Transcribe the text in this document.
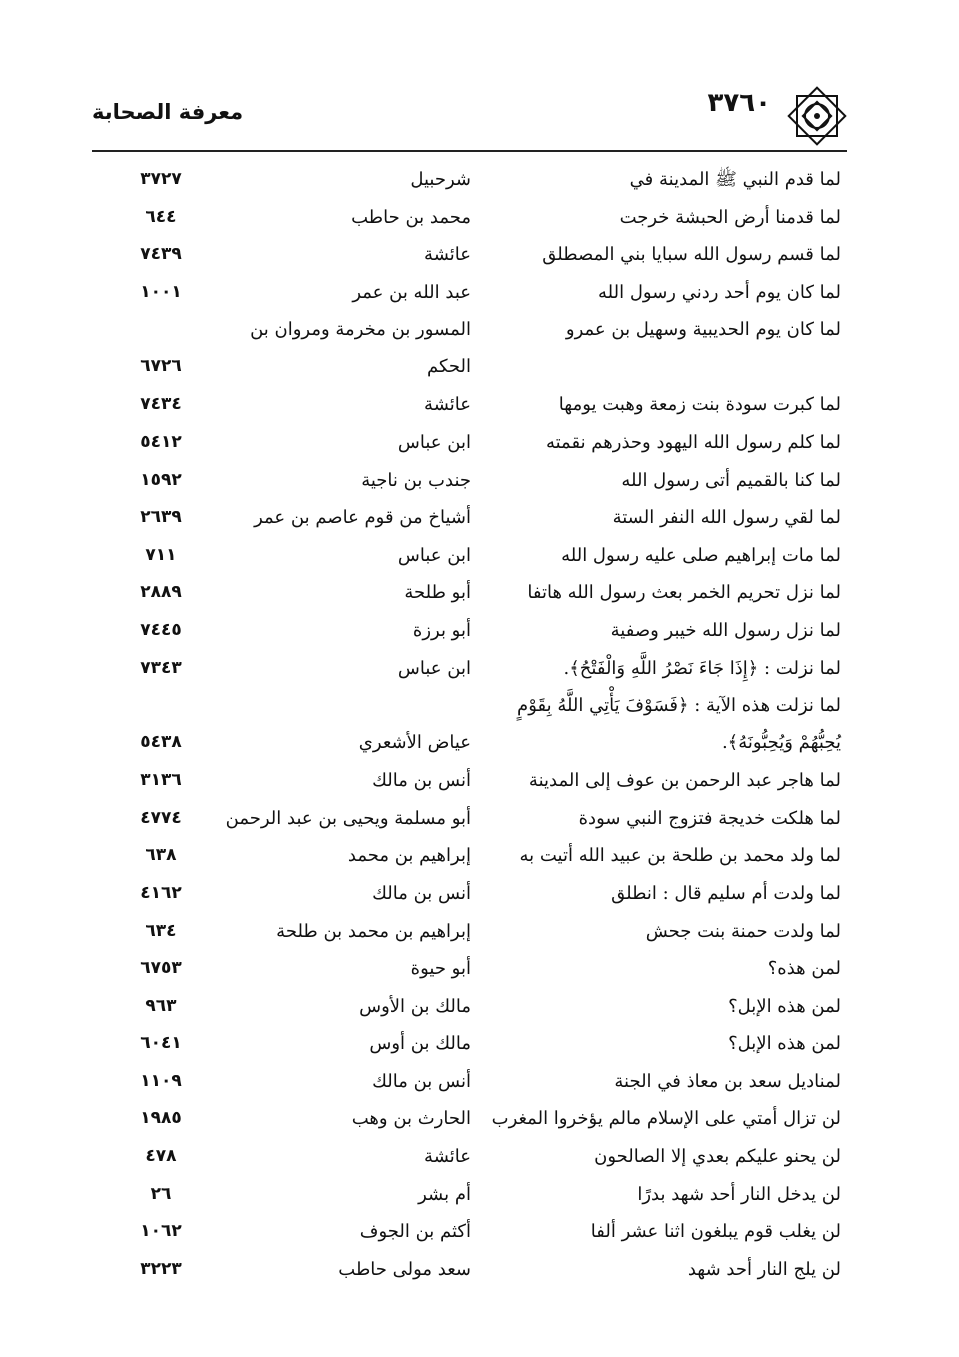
٣٧٦٠
معرفة الصحابة
لما قدم النبي ﷺ المدينة في
شرحبيل
٣٧٢٧
لما قدمنا أرض الحبشة خرجت
محمد بن حاطب
٦٤٤
لما قسم رسول الله سبايا بني المصطلق
عائشة
٧٤٣٩
لما كان يوم أحد ردني رسول الله
عبد الله بن عمر
١٠٠١
لما كان يوم الحديبية وسهيل بن عمرو
المسور بن مخرمة ومروان بن الحكم
٦٧٢٦
لما كبرت سودة بنت زمعة وهبت يومها
عائشة
٧٤٣٤
لما كلم رسول الله اليهود وحذرهم نقمته
ابن عباس
٥٤١٢
لما كنا بالقميم أتى رسول الله
جندب بن ناجية
١٥٩٢
لما لقي رسول الله النفر الستة
أشياخ من قوم عاصم بن عمر
٢٦٣٩
لما مات إبراهيم صلى عليه رسول الله
ابن عباس
٧١١
لما نزل تحريم الخمر بعث رسول الله هاتفا
أبو طلحة
٢٨٨٩
لما نزل رسول الله خيبر وصفية
أبو برزة
٧٤٤٥
لما نزلت : ﴿إِذَا جَاءَ نَصْرُ اللَّهِ وَالْفَتْحُ﴾.
ابن عباس
٧٣٤٣
لما نزلت هذه الآية : ﴿فَسَوْفَ يَأْتِي اللَّهُ بِقَوْمٍ يُحِبُّهُمْ وَيُحِبُّونَهُ﴾.
عياض الأشعري
٥٤٣٨
لما هاجر عبد الرحمن بن عوف إلى المدينة
أنس بن مالك
٣١٣٦
لما هلكت خديجة فتزوج النبي سودة
أبو مسلمة ويحيى بن عبد الرحمن
٤٧٧٤
لما ولد محمد بن طلحة بن عبيد الله أتيت به
إبراهيم بن محمد
٦٣٨
لما ولدت أم سليم قال : انطلق
أنس بن مالك
٤١٦٢
لما ولدت حمنة بنت جحش
إبراهيم بن محمد بن طلحة
٦٣٤
لمن هذه؟
أبو حيوة
٦٧٥٣
لمن هذه الإبل؟
مالك بن الأوس
٩٦٣
لمن هذه الإبل؟
مالك بن أوس
٦٠٤١
لمناديل سعد بن معاذ في الجنة
أنس بن مالك
١١٠٩
لن تزال أمتي على الإسلام مالم يؤخروا المغرب
الحارث بن وهب
١٩٨٥
لن يحنو عليكم بعدي إلا الصالحون
عائشة
٤٧٨
لن يدخل النار أحد شهد بدرًا
أم بشر
٢٦
لن يغلب قوم يبلغون اثنا عشر ألفا
أكثم بن الجوف
١٠٦٢
لن يلج النار أحد شهد
سعد مولى حاطب
٣٢٢٣
